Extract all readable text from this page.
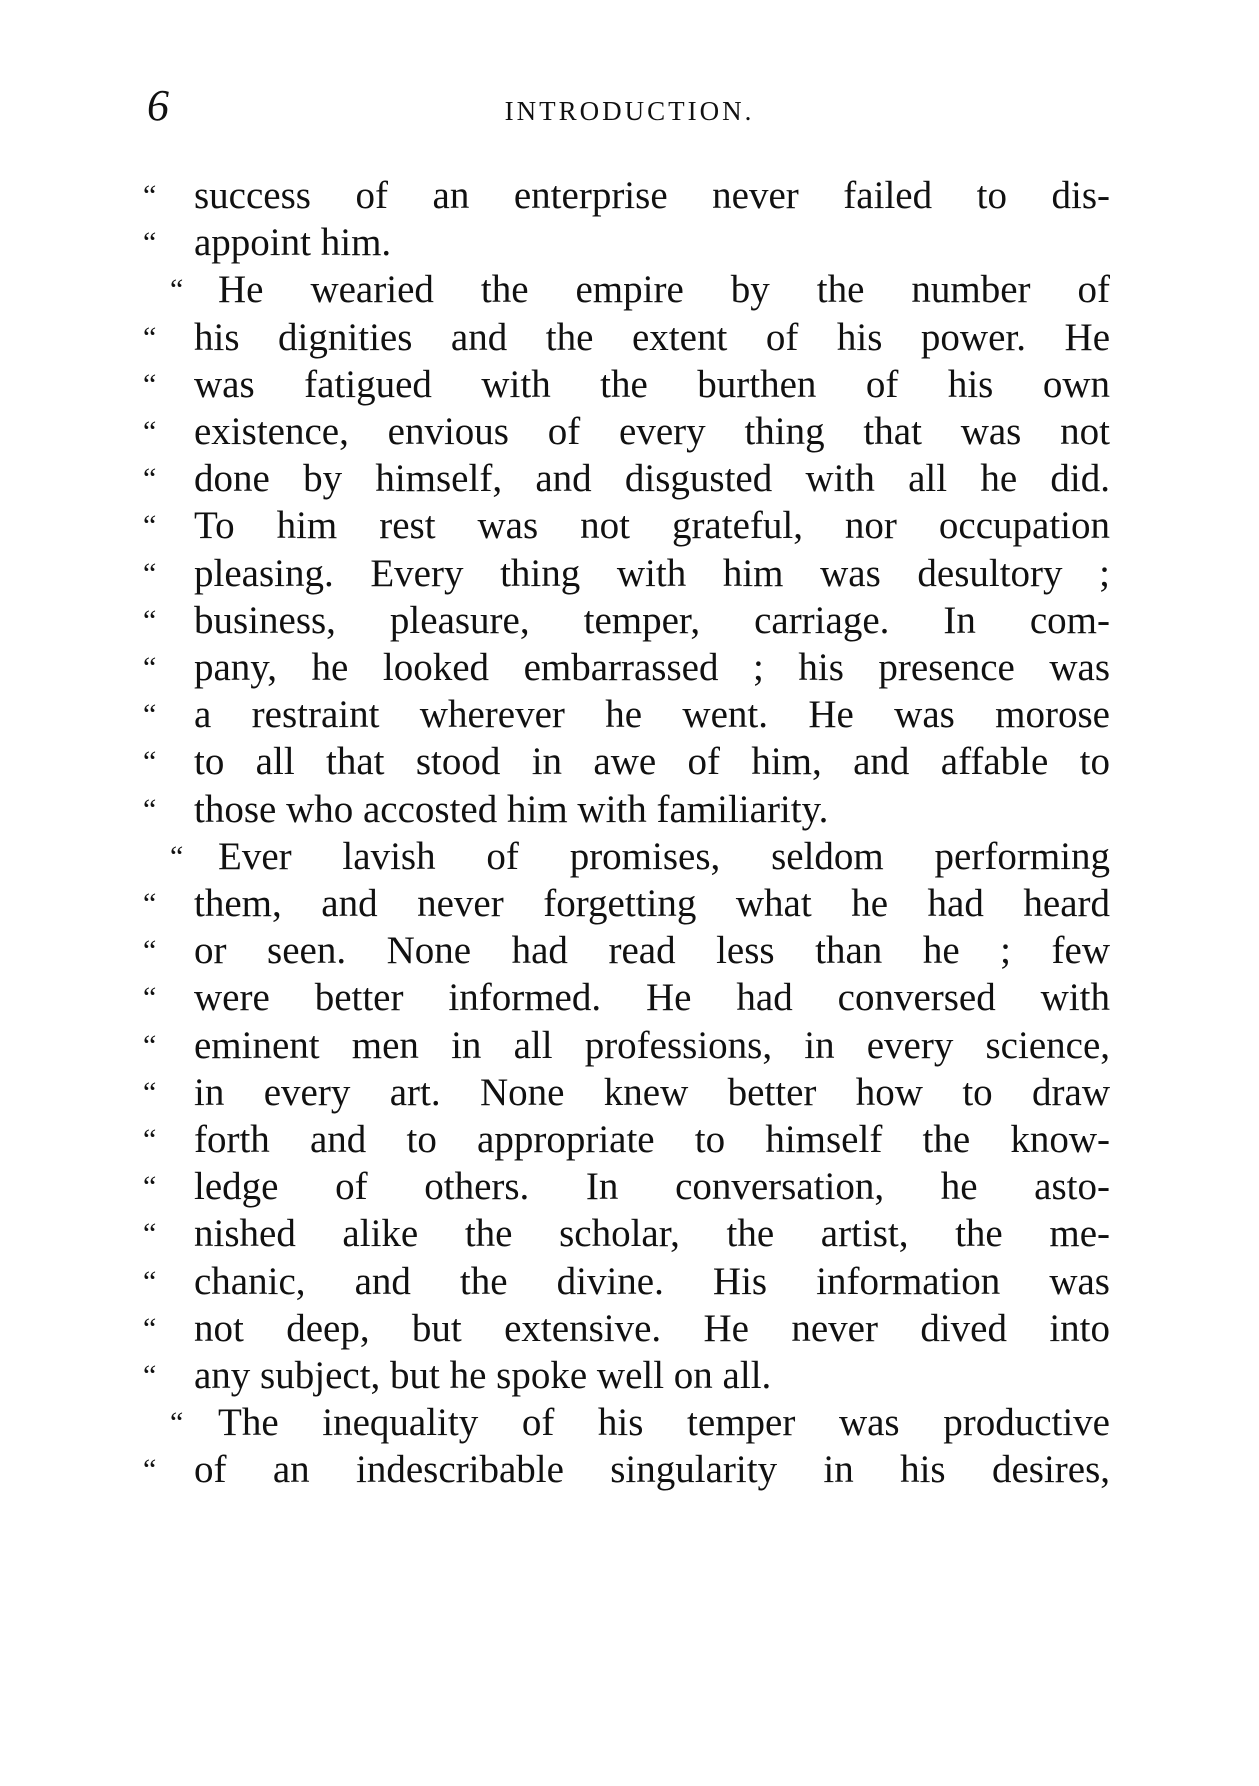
6	INTRODUCTION.
“ success of an enterprise never failed to dis-
“ appoint him.
“ He wearied the empire by the number of
“ his dignities and the extent of his power. He
“ was fatigued with the burthen of his own
“ existence, envious of every thing that was not
“ done by himself, and disgusted with all he did.
“ To him rest was not grateful, nor occupation
“ pleasing. Every thing with him was desultory ;
“ business, pleasure, temper, carriage. In com-
“ pany, he looked embarrassed ; his presence was
“ a restraint wherever he went. He was morose
“ to all that stood in awe of him, and affable to
“ those who accosted him with familiarity.
“ Ever lavish of promises, seldom performing
“ them, and never forgetting what he had heard
“ or seen. None had read less than he ; few
“ were better informed. He had conversed with
“ eminent men in all professions, in every science,
“ in every art. None knew better how to draw
“ forth and to appropriate to himself the know-
“ ledge of others. In conversation, he asto-
“ nished alike the scholar, the artist, the me-
“ chanic, and the divine. His information was
“ not deep, but extensive. He never dived into
“ any subject, but he spoke well on all.
“ The inequality of his temper was productive
“ of an indescribable singularity in his desires,
